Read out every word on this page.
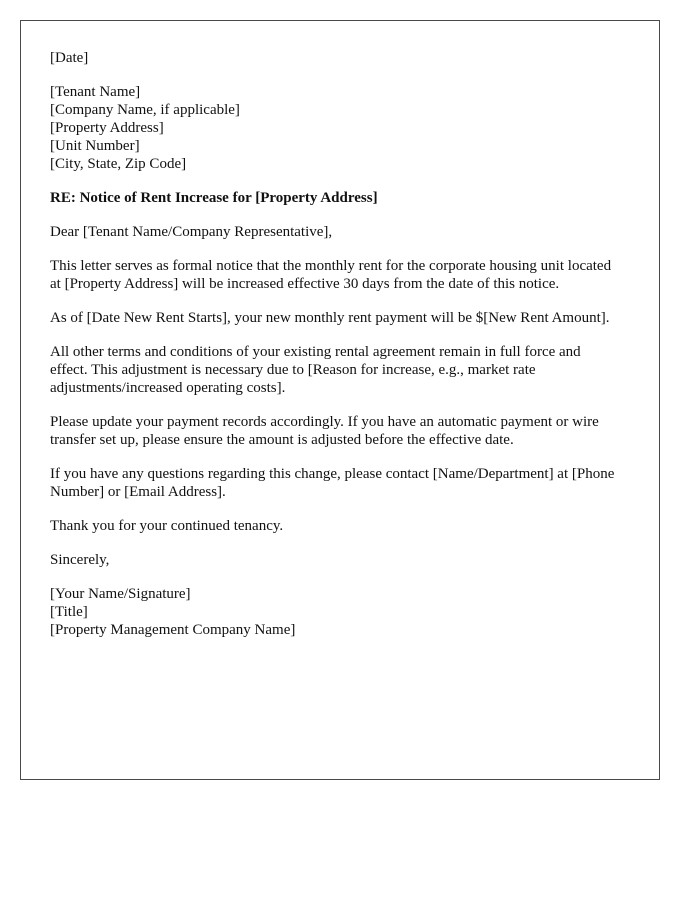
[Date]
[Tenant Name]
[Company Name, if applicable]
[Property Address]
[Unit Number]
[City, State, Zip Code]

RE: Notice of Rent Increase for [Property Address]

Dear [Tenant Name/Company Representative],

This letter serves as formal notice that the monthly rent for the corporate housing unit located at [Property Address] will be increased effective 30 days from the date of this notice.

As of [Date New Rent Starts], your new monthly rent payment will be $[New Rent Amount].

All other terms and conditions of your existing rental agreement remain in full force and effect. This adjustment is necessary due to [Reason for increase, e.g., market rate adjustments/increased operating costs].

Please update your payment records accordingly. If you have an automatic payment or wire transfer set up, please ensure the amount is adjusted before the effective date.

If you have any questions regarding this change, please contact [Name/Department] at [Phone Number] or [Email Address].

Thank you for your continued tenancy.

Sincerely,

[Your Name/Signature]
[Title]
[Property Management Company Name]
